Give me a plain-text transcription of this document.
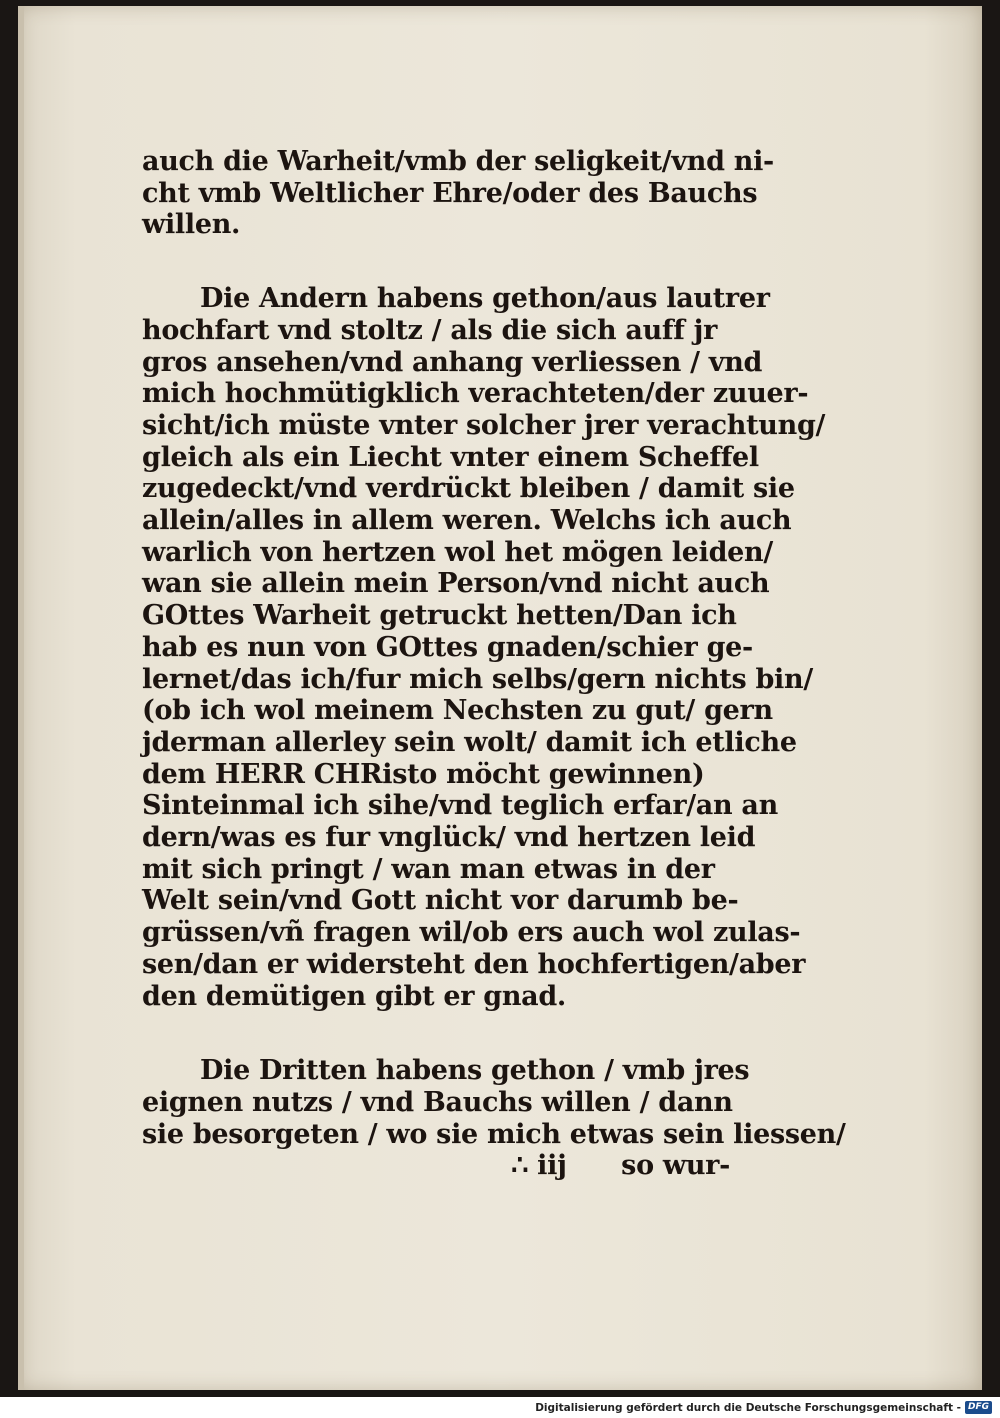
auch die Warheit/vmb der seligkeit/vnd ni-
cht vmb Weltlicher Ehre/oder des Bauchs
willen.

Die Andern habens gethon/aus lautrer
hochfart vnd stoltz / als die sich auff jr
gros ansehen/vnd anhang verliessen / vnd
mich hochmütigklich verachteten/der zuuer-
sicht/ich müste vnter solcher jrer verachtung/
gleich als ein Liecht vnter einem Scheffel
zugedeckt/vnd verdrückt bleiben / damit sie
allein/alles in allem weren. Welchs ich auch
warlich von hertzen wol het mögen leiden/
wan sie allein mein Person/vnd nicht auch
GOttes Warheit getruckt hetten/Dan ich
hab es nun von GOttes gnaden/schier ge-
lernet/das ich/fur mich selbs/gern nichts bin/
(ob ich wol meinem Nechsten zu gut/ gern
jderman allerley sein wolt/ damit ich etliche
dem HERR CHRisto möcht gewinnen)
Sinteinmal ich sihe/vnd teglich erfar/an an
dern/was es fur vnglück/ vnd hertzen leid
mit sich pringt / wan man etwas in der
Welt sein/vnd Gott nicht vor darumb be-
grüssen/vñ fragen wil/ob ers auch wol zulas-
sen/dan er widersteht den hochfertigen/aber
den demütigen gibt er gnad.

Die Dritten habens gethon / vmb jres
eignen nutzs / vnd Bauchs willen / dann
sie besorgeten / wo sie mich etwas sein liessen/

∴ iij so wur-
Digitalisierung gefördert durch die Deutsche Forschungsgemeinschaft - DFG
